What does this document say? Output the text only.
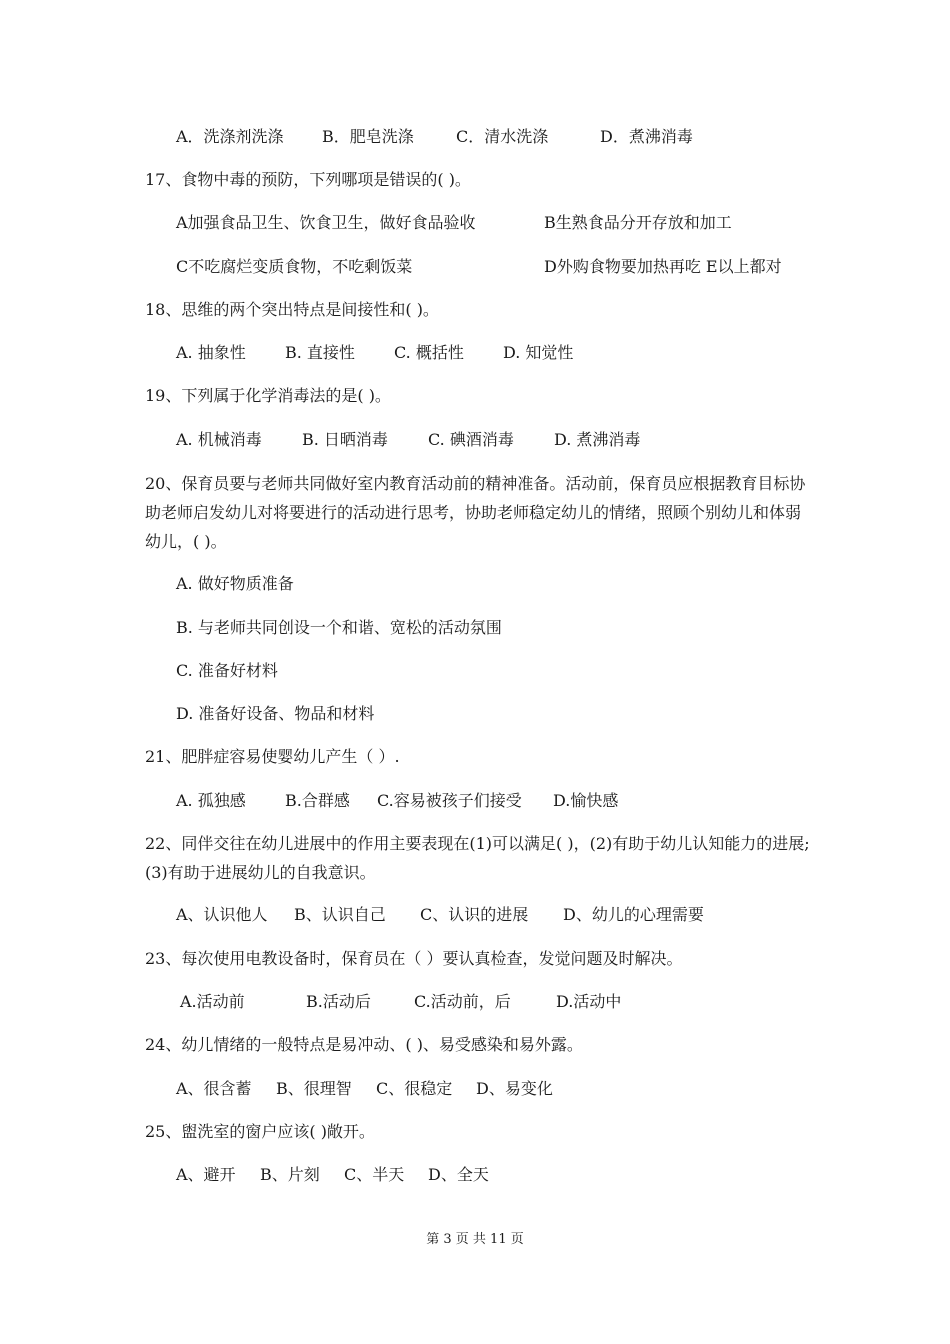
A．洗涤剂洗涤	B．肥皂洗涤	C．清水洗涤	D．煮沸消毒
17、食物中毒的预防，下列哪项是错误的( )。
A加强食品卫生、饮食卫生，做好食品验收	B生熟食品分开存放和加工
C不吃腐烂变质食物，不吃剩饭菜	D外购食物要加热再吃 E以上都对
18、思维的两个突出特点是间接性和( )。
A. 抽象性	B. 直接性	C. 概括性	D. 知觉性
19、下列属于化学消毒法的是( )。
A. 机械消毒	B. 日晒消毒	C. 碘酒消毒	D. 煮沸消毒
20、保育员要与老师共同做好室内教育活动前的精神准备。活动前，保育员应根据教育目标协助老师启发幼儿对将要进行的活动进行思考，协助老师稳定幼儿的情绪，照顾个别幼儿和体弱幼儿，( )。
A. 做好物质准备
B. 与老师共同创设一个和谐、宽松的活动氛围
C. 准备好材料
D. 准备好设备、物品和材料
21、肥胖症容易使婴幼儿产生（ ）.
A. 孤独感	B.合群感	C.容易被孩子们接受	D.愉快感
22、同伴交往在幼儿进展中的作用主要表现在(1)可以满足( )，(2)有助于幼儿认知能力的进展;(3)有助于进展幼儿的自我意识。
A、认识他人	B、认识自己	C、认识的进展	D、幼儿的心理需要
23、每次使用电教设备时，保育员在（ ）要认真检查，发觉问题及时解决。
A.活动前	B.活动后	C.活动前，后	D.活动中
24、幼儿情绪的一般特点是易冲动、( )、易受感染和易外露。
A、很含蓄	B、很理智	C、很稳定	D、易变化
25、盥洗室的窗户应该( )敞开。
A、避开	B、片刻	C、半天	D、全天
第 3 页 共 11 页
